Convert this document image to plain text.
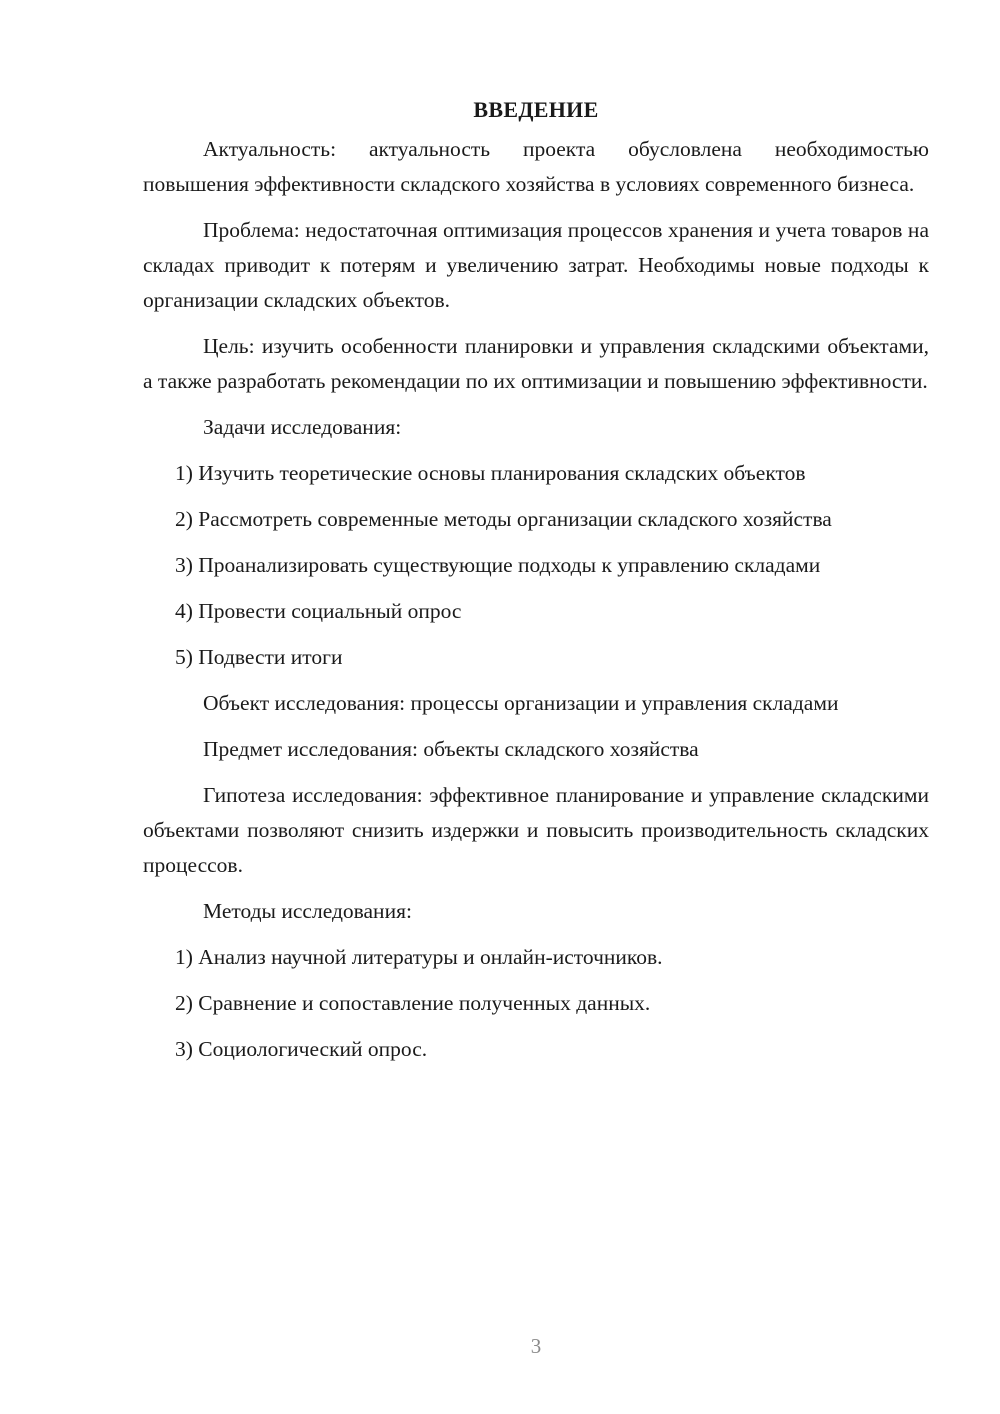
ВВЕДЕНИЕ

Актуальность: актуальность проекта обусловлена необходимостью повышения эффективности складского хозяйства в условиях современного бизнеса.

Проблема: недостаточная оптимизация процессов хранения и учета товаров на складах приводит к потерям и увеличению затрат. Необходимы новые подходы к организации складских объектов.

Цель: изучить особенности планировки и управления складскими объектами, а также разработать рекомендации по их оптимизации и повышению эффективности.

Задачи исследования:

1) Изучить теоретические основы планирования складских объектов

2) Рассмотреть современные методы организации складского хозяйства

3) Проанализировать существующие подходы к управлению складами

4) Провести социальный опрос

5) Подвести итоги

Объект исследования: процессы организации и управления складами

Предмет исследования: объекты складского хозяйства

Гипотеза исследования: эффективное планирование и управление складскими объектами позволяют снизить издержки и повысить производительность складских процессов.

Методы исследования:

1) Анализ научной литературы и онлайн-источников.

2) Сравнение и сопоставление полученных данных.

3) Социологический опрос.

3
